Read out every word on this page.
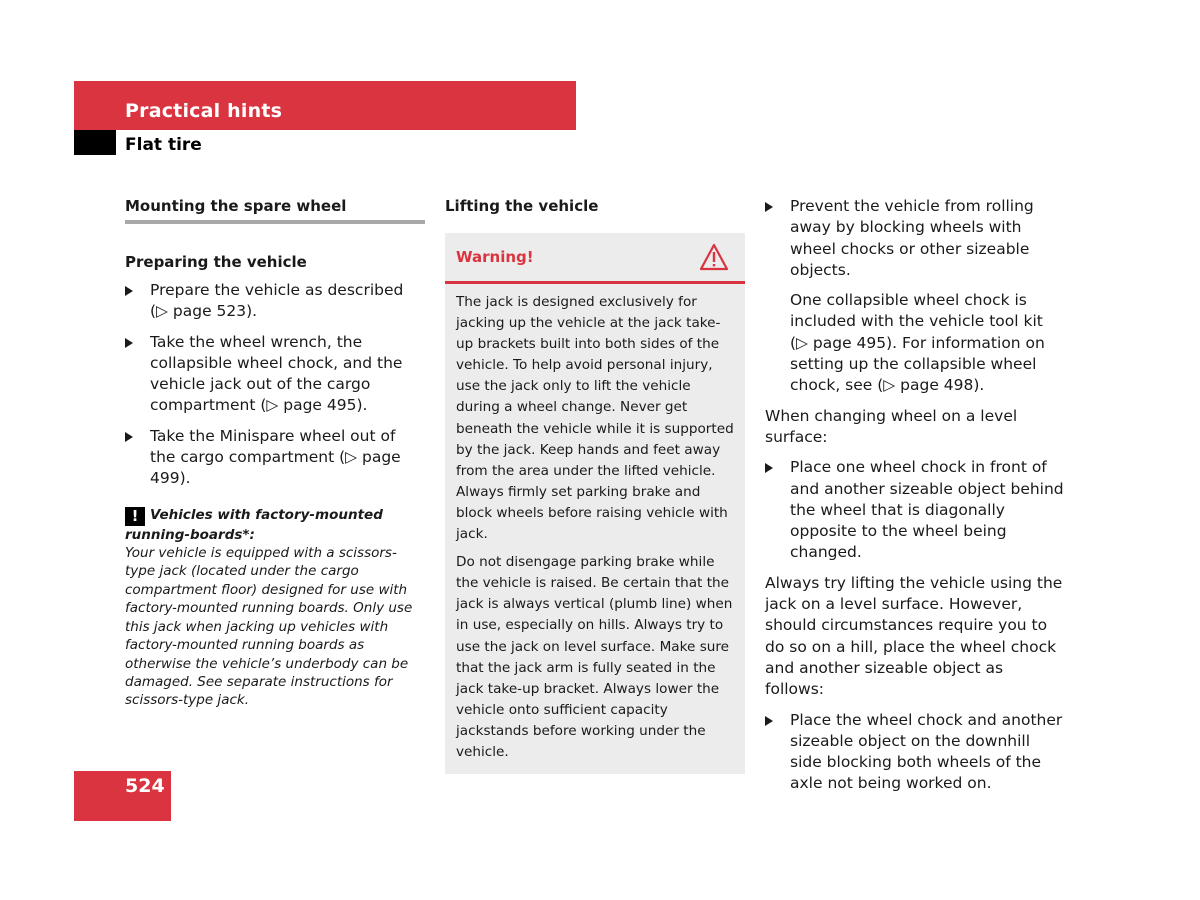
Practical hints
Flat tire
Mounting the spare wheel
Preparing the vehicle
Prepare the vehicle as described (▷ page 523).
Take the wheel wrench, the collapsible wheel chock, and the vehicle jack out of the cargo compartment (▷ page 495).
Take the Minispare wheel out of the cargo compartment (▷ page 499).
! Vehicles with factory-mounted running-boards*:
Your vehicle is equipped with a scissors-type jack (located under the cargo compartment floor) designed for use with factory-mounted running boards. Only use this jack when jacking up vehicles with factory-mounted running boards as otherwise the vehicle’s underbody can be damaged. See separate instructions for scissors-type jack.
Lifting the vehicle
Warning!

The jack is designed exclusively for jacking up the vehicle at the jack take-up brackets built into both sides of the vehicle. To help avoid personal injury, use the jack only to lift the vehicle during a wheel change. Never get beneath the vehicle while it is supported by the jack. Keep hands and feet away from the area under the lifted vehicle. Always firmly set parking brake and block wheels before raising vehicle with jack.

Do not disengage parking brake while the vehicle is raised. Be certain that the jack is always vertical (plumb line) when in use, especially on hills. Always try to use the jack on level surface. Make sure that the jack arm is fully seated in the jack take-up bracket. Always lower the vehicle onto sufficient capacity jackstands before working under the vehicle.

Prevent the vehicle from rolling away by blocking wheels with wheel chocks or other sizeable objects.
One collapsible wheel chock is included with the vehicle tool kit (▷ page 495). For information on setting up the collapsible wheel chock, see (▷ page 498).
When changing wheel on a level surface:
Place one wheel chock in front of and another sizeable object behind the wheel that is diagonally opposite to the wheel being changed.
Always try lifting the vehicle using the jack on a level surface. However, should circumstances require you to do so on a hill, place the wheel chock and another sizeable object as follows:
Place the wheel chock and another sizeable object on the downhill side blocking both wheels of the axle not being worked on.
524
